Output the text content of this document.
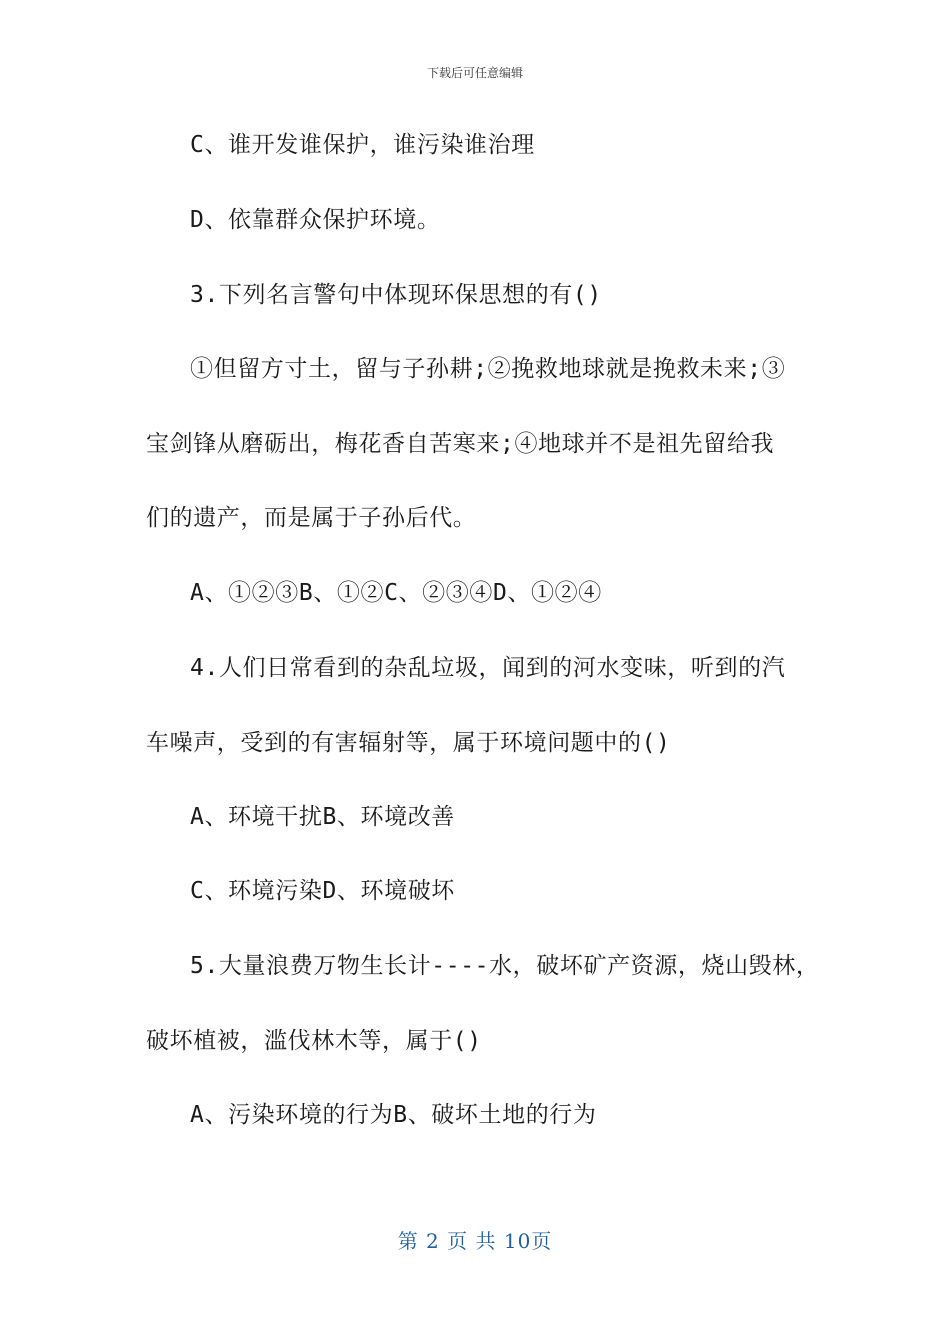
下载后可任意编辑
C、谁开发谁保护，谁污染谁治理
D、依靠群众保护环境。
3.下列名言警句中体现环保思想的有()
①但留方寸土，留与子孙耕;②挽救地球就是挽救未来;③
宝剑锋从磨砺出，梅花香自苦寒来;④地球并不是祖先留给我
们的遗产，而是属于子孙后代。
A、①②③B、①②C、②③④D、①②④
4.人们日常看到的杂乱垃圾，闻到的河水变味，听到的汽
车噪声，受到的有害辐射等，属于环境问题中的()
A、环境干扰B、环境改善
C、环境污染D、环境破坏
5.大量浪费万物生长计----水，破坏矿产资源，烧山毁林，
破坏植被，滥伐林木等，属于()
A、污染环境的行为B、破坏土地的行为
第 2 页 共 10页
